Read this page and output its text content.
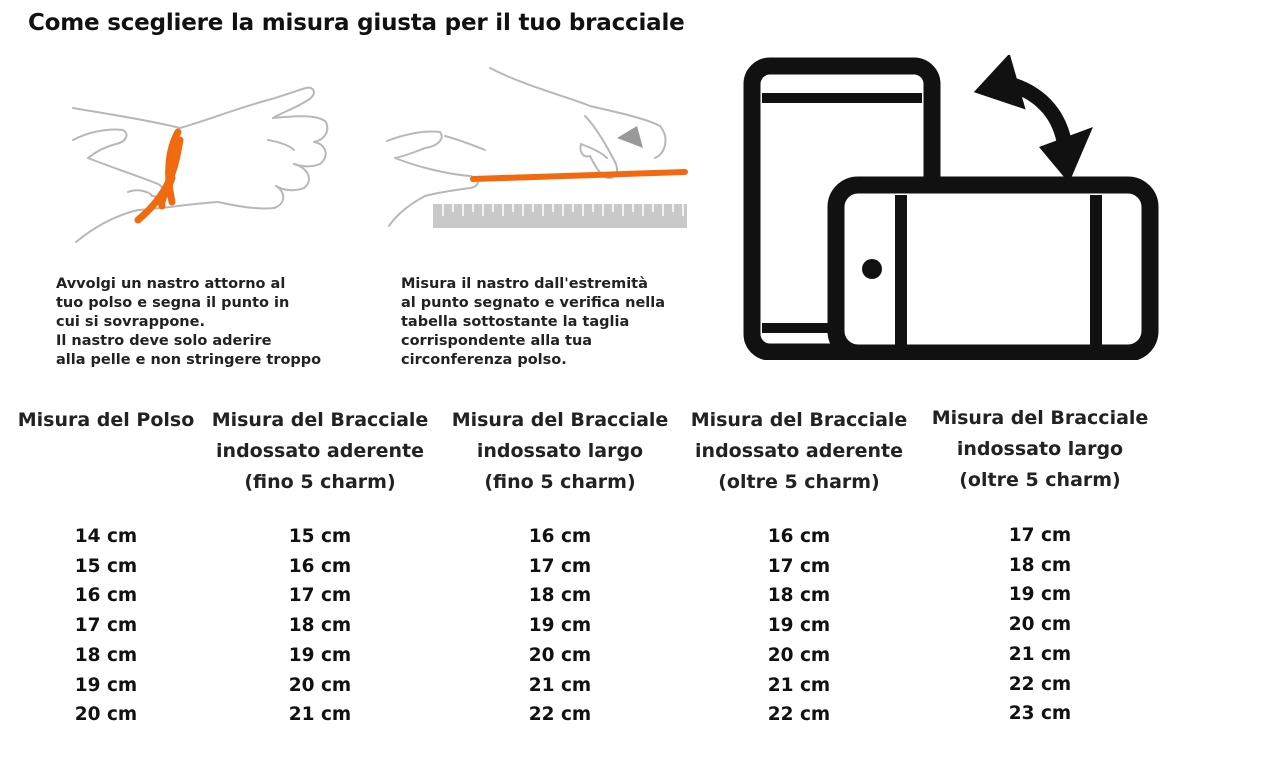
Come scegliere la misura giusta per il tuo bracciale
Avvolgi un nastro attorno al
tuo polso e segna il punto in
cui si sovrappone.
Il nastro deve solo aderire
alla pelle e non stringere troppo
Misura il nastro dall'estremità
al punto segnato e verifica nella
tabella sottostante la taglia
corrispondente alla tua
circonferenza polso.
Misura del Polso Misura del Bracciale
indossato aderente
(fino 5 charm)
Misura del Bracciale
indossato largo
(fino 5 charm)
Misura del Bracciale
indossato aderente
(oltre 5 charm)
Misura del Bracciale
indossato largo
(oltre 5 charm)
14 cm
15 cm
16 cm
17 cm
18 cm
19 cm
20 cm
15 cm
16 cm
17 cm
18 cm
19 cm
20 cm
21 cm
16 cm
17 cm
18 cm
19 cm
20 cm
21 cm
22 cm
16 cm
17 cm
18 cm
19 cm
20 cm
21 cm
22 cm
17 cm
18 cm
19 cm
20 cm
21 cm
22 cm
23 cm
